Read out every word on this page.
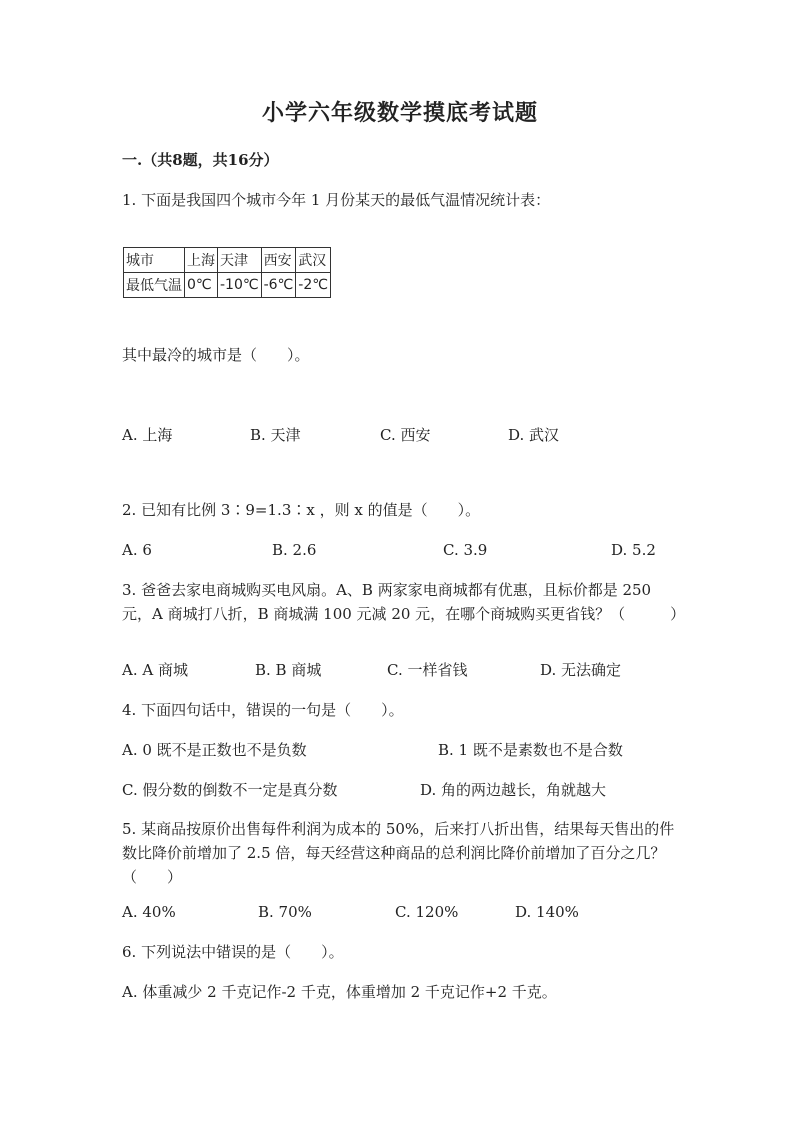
小学六年级数学摸底考试题
一.（共8题，共16分）
1. 下面是我国四个城市今年 1 月份某天的最低气温情况统计表：
城市	上海	天津	西安	武汉
最低气温	0℃	-10℃	-6℃	-2℃
其中最冷的城市是（　　）。
A. 上海	B. 天津	C. 西安	D. 武汉
2. 已知有比例 3∶9=1.3∶x ，则 x 的值是（　　）。
A. 6	B. 2.6	C. 3.9	D. 5.2
3. 爸爸去家电商城购买电风扇。A、B 两家家电商城都有优惠，且标价都是 250 元，A 商城打八折，B 商城满 100 元减 20 元，在哪个商城购买更省钱？（　　　）
A. A 商城	B. B 商城	C. 一样省钱	D. 无法确定
4. 下面四句话中，错误的一句是（　　）。
A. 0 既不是正数也不是负数	B. 1 既不是素数也不是合数
C. 假分数的倒数不一定是真分数	D. 角的两边越长，角就越大
5. 某商品按原价出售每件利润为成本的 50%，后来打八折出售，结果每天售出的件数比降价前增加了 2.5 倍，每天经营这种商品的总利润比降价前增加了百分之几？（　　）
A. 40%	B. 70%	C. 120%	D. 140%
6. 下列说法中错误的是（　　）。
A. 体重减少 2 千克记作-2 千克，体重增加 2 千克记作+2 千克。
